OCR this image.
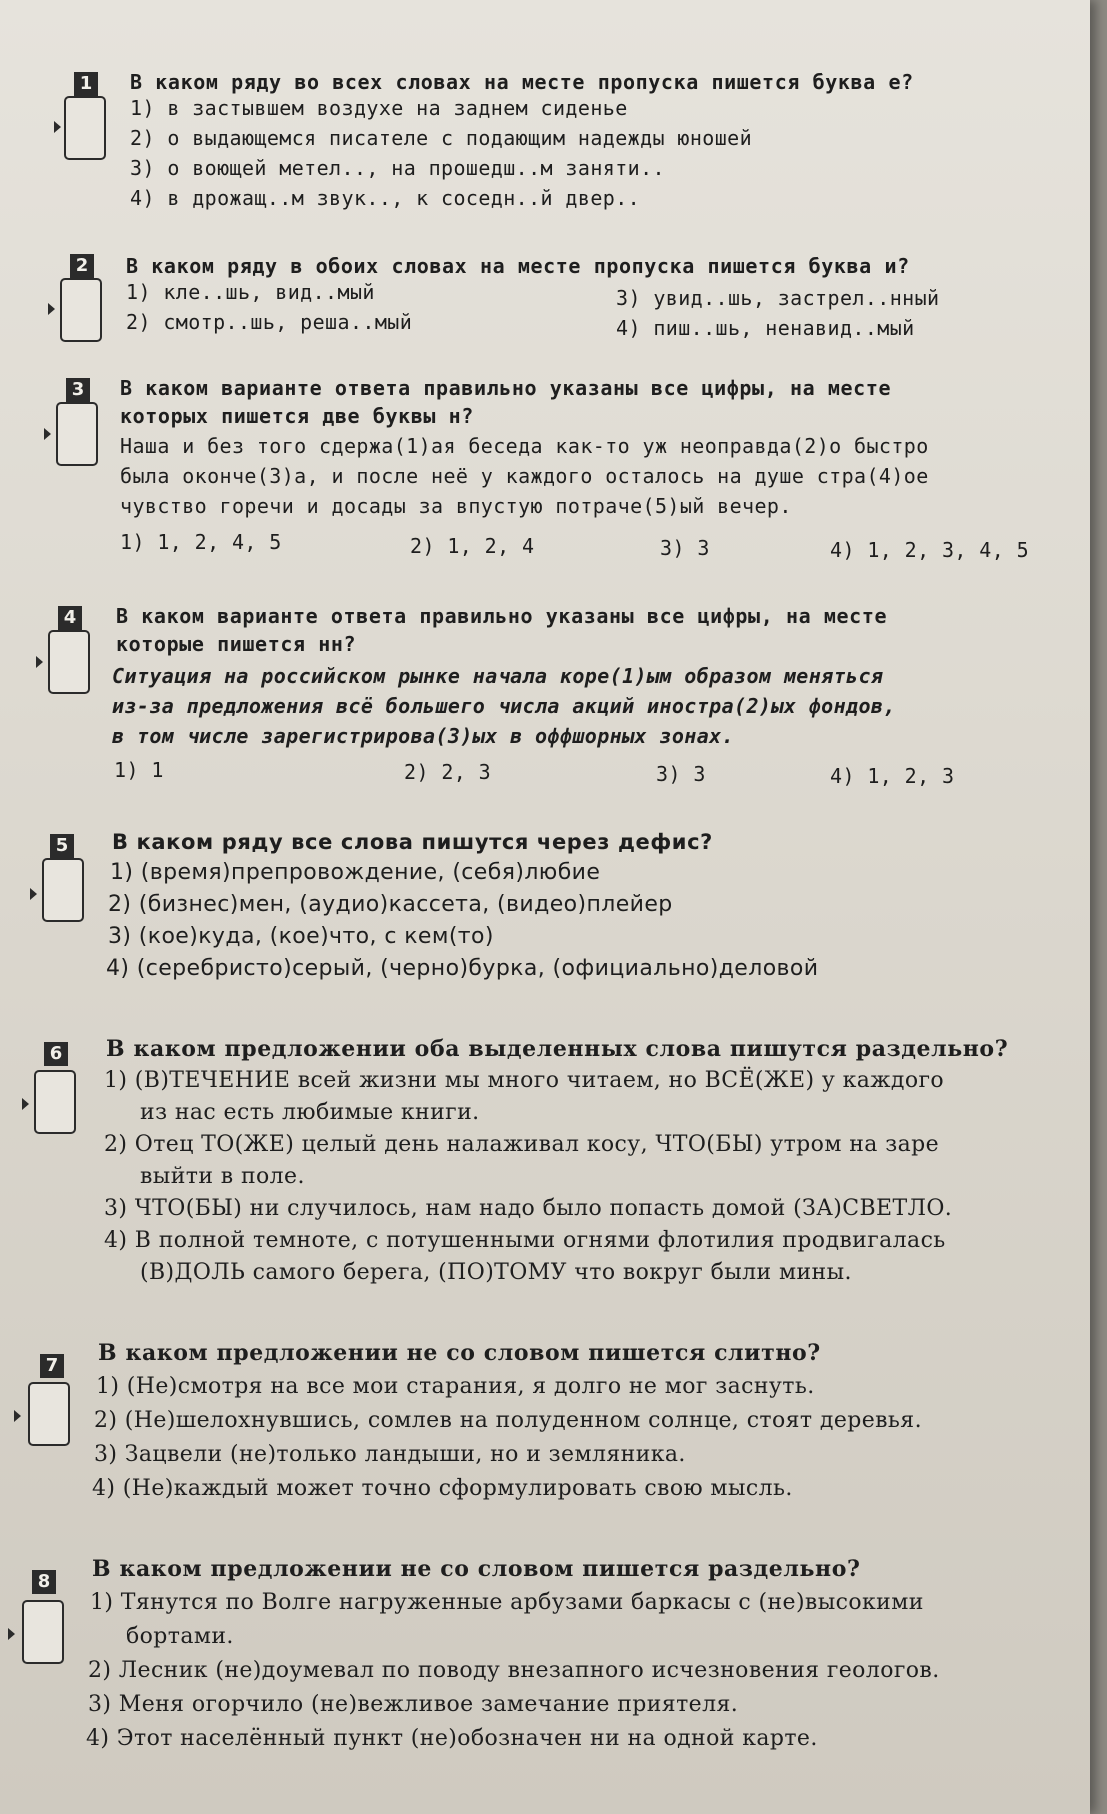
1 В каком ряду во всех словах на месте пропуска пишется буква е?
1) в застывшем воздухе на заднем сиденье
2) о выдающемся писателе с подающим надежды юношей
3) о воющей метел.., на прошедш..м заняти..
4) в дрожащ..м звук.., к соседн..й двер..
2 В каком ряду в обоих словах на месте пропуска пишется буква и?
1) кле..шь, вид..мый	3) увид..шь, застрел..нный
2) смотр..шь, реша..мый	4) пиш..шь, ненавид..мый
3 В каком варианте ответа правильно указаны все цифры, на месте
которых пишется две буквы н?
Наша и без того сдержа(1)ая беседа как-то уж неоправда(2)о быстро
была оконче(3)а, и после неё у каждого осталось на душе стра(4)ое
чувство горечи и досады за впустую потраче(5)ый вечер.
1) 1, 2, 4, 5	2) 1, 2, 4	3) 3	4) 1, 2, 3, 4, 5
4 В каком варианте ответа правильно указаны все цифры, на месте
которые пишется нн?
Ситуация на российском рынке начала коре(1)ым образом меняться
из-за предложения всё большего числа акций иностра(2)ых фондов,
в том числе зарегистрирова(3)ых в оффшорных зонах.
1) 1	2) 2, 3	3) 3	4) 1, 2, 3
5 В каком ряду все слова пишутся через дефис?
1) (время)препровождение, (себя)любие
2) (бизнес)мен, (аудио)кассета, (видео)плейер
3) (кое)куда, (кое)что, с кем(то)
4) (серебристо)серый, (черно)бурка, (официально)деловой
6 В каком предложении оба выделенных слова пишутся раздельно?
1) (В)ТЕЧЕНИЕ всей жизни мы много читаем, но ВСЁ(ЖЕ) у каждого
из нас есть любимые книги.
2) Отец ТО(ЖЕ) целый день налаживал косу, ЧТО(БЫ) утром на заре
выйти в поле.
3) ЧТО(БЫ) ни случилось, нам надо было попасть домой (ЗА)СВЕТЛО.
4) В полной темноте, с потушенными огнями флотилия продвигалась
(В)ДОЛЬ самого берега, (ПО)ТОМУ что вокруг были мины.
7 В каком предложении не со словом пишется слитно?
1) (Не)смотря на все мои старания, я долго не мог заснуть.
2) (Не)шелохнувшись, сомлев на полуденном солнце, стоят деревья.
3) Зацвели (не)только ландыши, но и земляника.
4) (Не)каждый может точно сформулировать свою мысль.
8 В каком предложении не со словом пишется раздельно?
1) Тянутся по Волге нагруженные арбузами баркасы с (не)высокими
бортами.
2) Лесник (не)доумевал по поводу внезапного исчезновения геологов.
3) Меня огорчило (не)вежливое замечание приятеля.
4) Этот населённый пункт (не)обозначен ни на одной карте.
